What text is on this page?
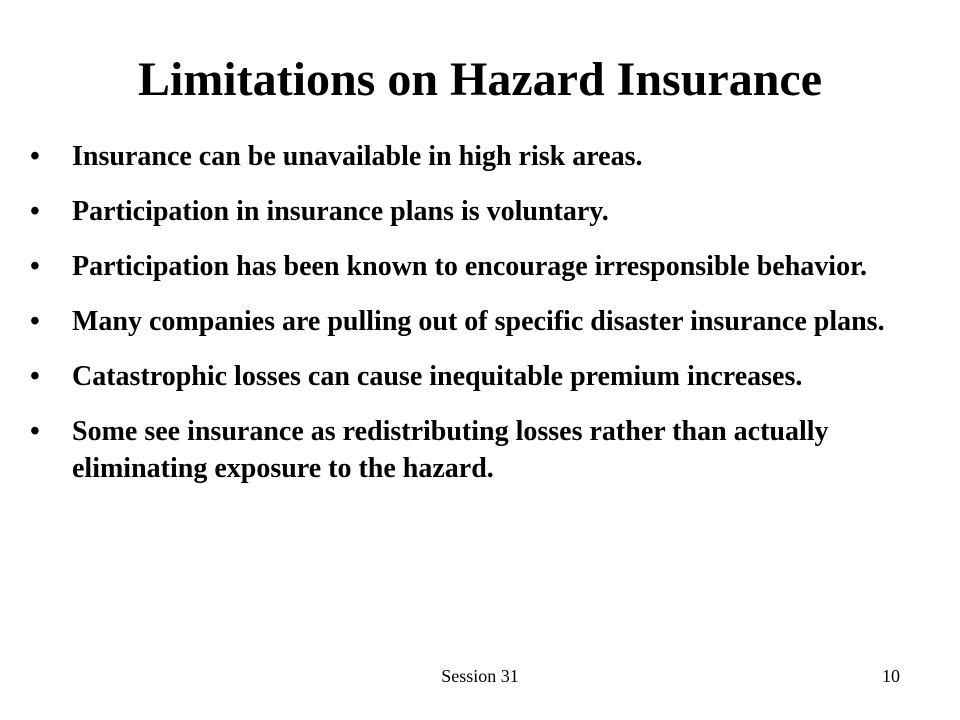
Limitations on Hazard Insurance
•	Insurance can be unavailable in high risk areas.
•	Participation in insurance plans is voluntary.
•	Participation has been known to encourage irresponsible behavior.
•	Many companies are pulling out of specific disaster insurance plans.
•	Catastrophic losses can cause inequitable premium increases.
•	Some see insurance as redistributing losses rather than actually eliminating exposure to the hazard.
Session 31	10
